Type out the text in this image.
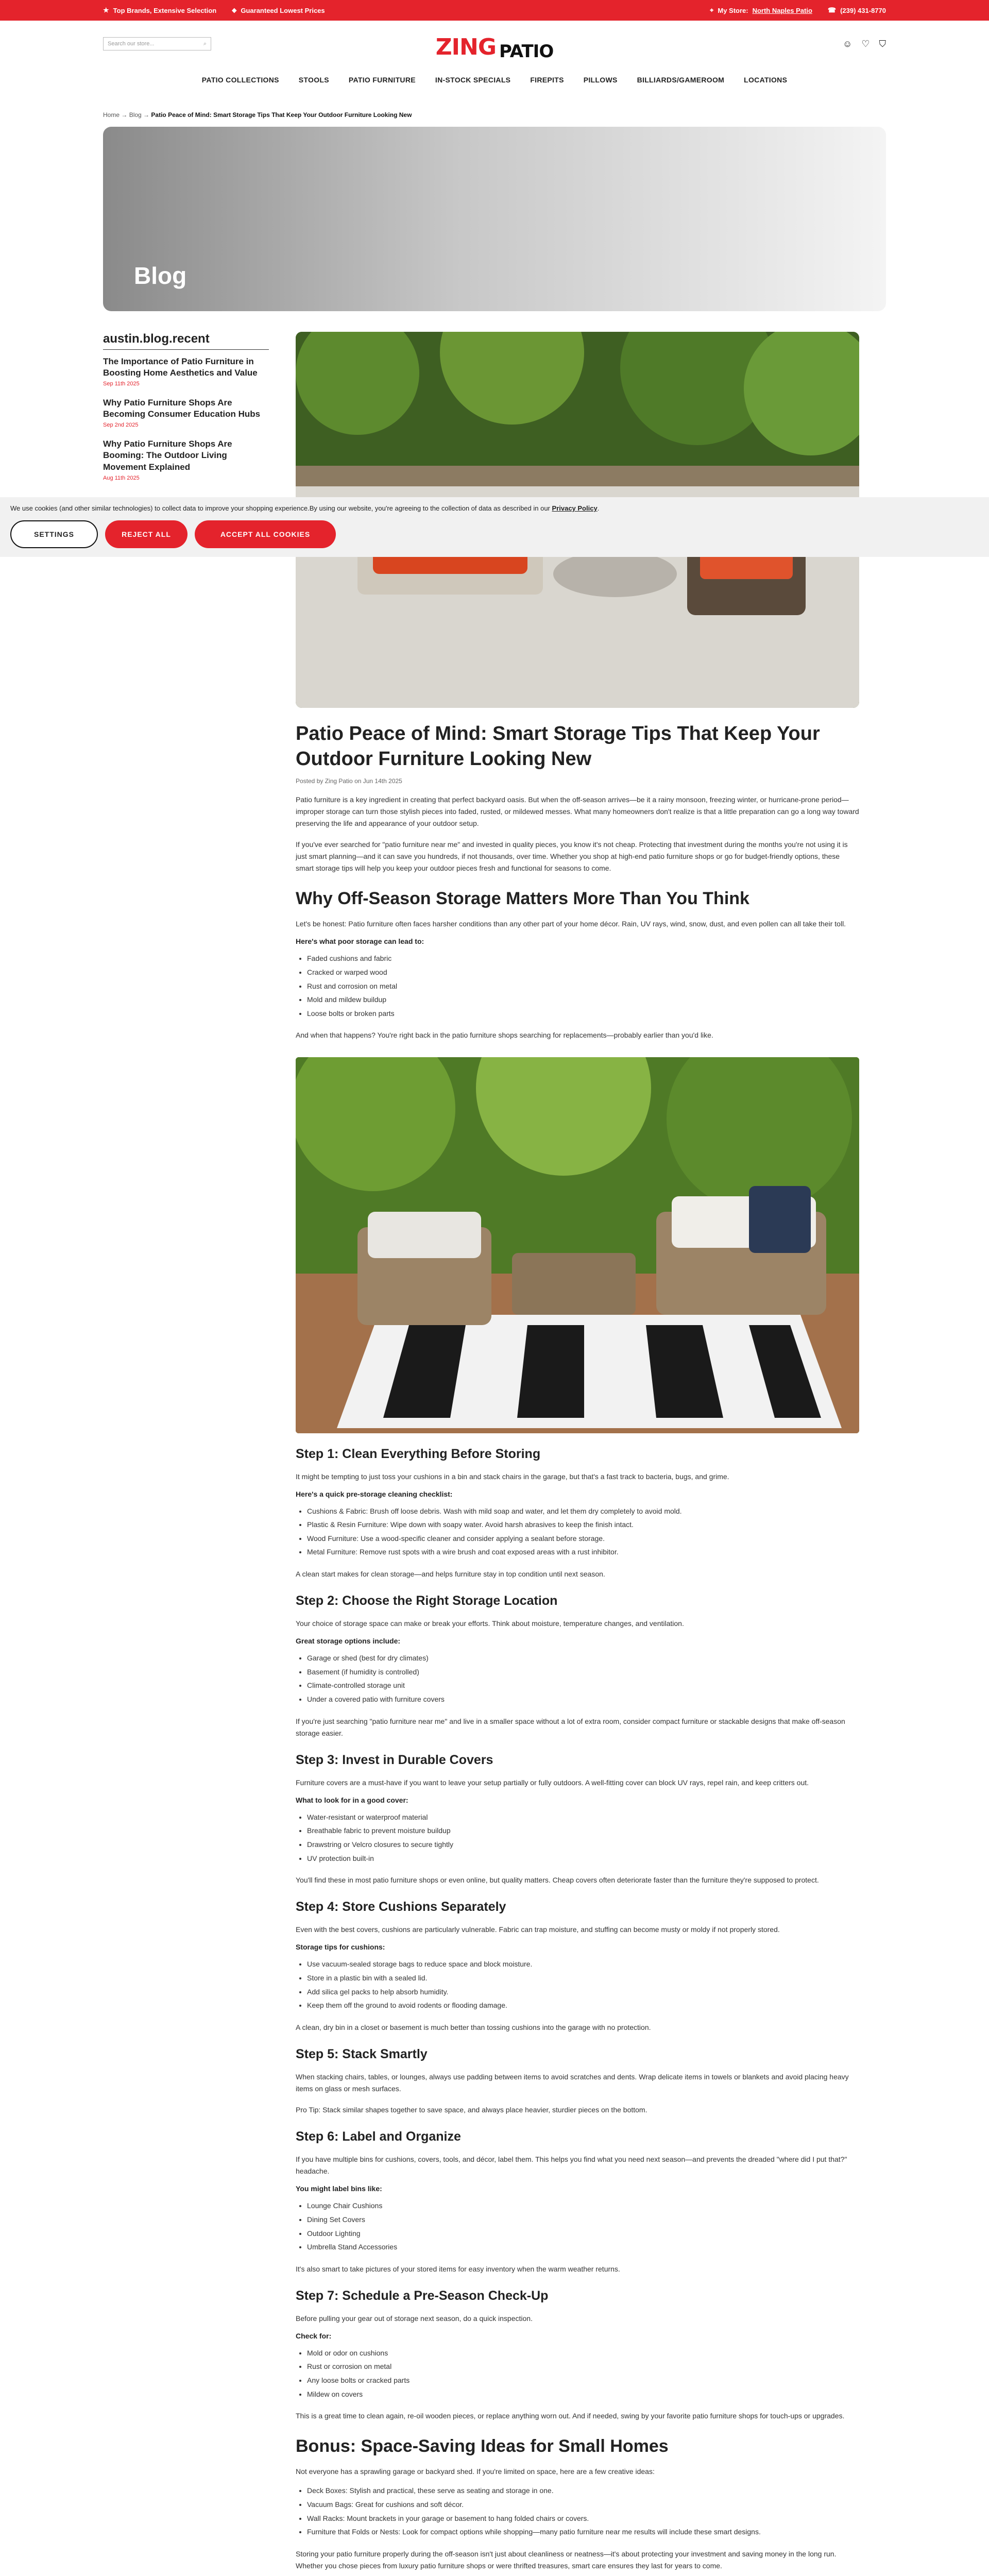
★ Top Brands, Extensive Selection ⬥ Guaranteed Lowest Prices	⌖ My Store: North Naples Patio ☎ (239) 431-8770
Search our store...	⌕	ZING PATIO	☺ ♡ ⛉
PATIO COLLECTIONS	STOOLS	PATIO FURNITURE	IN-STOCK SPECIALS	FIREPITS	PILLOWS	BILLIARDS/GAMEROOM	LOCATIONS
Home → Blog → Patio Peace of Mind: Smart Storage Tips That Keep Your Outdoor Furniture Looking New
Blog
austin.blog.recent
The Importance of Patio Furniture in Boosting Home Aesthetics and Value
Sep 11th 2025
Why Patio Furniture Shops Are Becoming Consumer Education Hubs
Sep 2nd 2025
Why Patio Furniture Shops Are Booming: The Outdoor Living Movement Explained
Aug 11th 2025
Patio Peace of Mind: Smart Storage Tips That Keep Your Outdoor Furniture Looking New
Posted by Zing Patio on Jun 14th 2025
Patio furniture is a key ingredient in creating that perfect backyard oasis. But when the off-season arrives—be it a rainy monsoon, freezing winter, or hurricane-prone period—improper storage can turn those stylish pieces into faded, rusted, or mildewed messes. What many homeowners don't realize is that a little preparation can go a long way toward preserving the life and appearance of your outdoor setup.
If you've ever searched for "patio furniture near me" and invested in quality pieces, you know it's not cheap. Protecting that investment during the months you're not using it is just smart planning—and it can save you hundreds, if not thousands, over time. Whether you shop at high-end patio furniture shops or go for budget-friendly options, these smart storage tips will help you keep your outdoor pieces fresh and functional for seasons to come.
Why Off-Season Storage Matters More Than You Think
Let's be honest: Patio furniture often faces harsher conditions than any other part of your home décor. Rain, UV rays, wind, snow, dust, and even pollen can all take their toll.
Here's what poor storage can lead to:
• Faded cushions and fabric
• Cracked or warped wood
• Rust and corrosion on metal
• Mold and mildew buildup
• Loose bolts or broken parts
And when that happens? You're right back in the patio furniture shops searching for replacements—probably earlier than you'd like.
Step 1: Clean Everything Before Storing
It might be tempting to just toss your cushions in a bin and stack chairs in the garage, but that's a fast track to bacteria, bugs, and grime.
Here's a quick pre-storage cleaning checklist:
• Cushions & Fabric: Brush off loose debris. Wash with mild soap and water, and let them dry completely to avoid mold.
• Plastic & Resin Furniture: Wipe down with soapy water. Avoid harsh abrasives to keep the finish intact.
• Wood Furniture: Use a wood-specific cleaner and consider applying a sealant before storage.
• Metal Furniture: Remove rust spots with a wire brush and coat exposed areas with a rust inhibitor.
A clean start makes for clean storage—and helps furniture stay in top condition until next season.
Step 2: Choose the Right Storage Location
Your choice of storage space can make or break your efforts. Think about moisture, temperature changes, and ventilation.
Great storage options include:
• Garage or shed (best for dry climates)
• Basement (if humidity is controlled)
• Climate-controlled storage unit
• Under a covered patio with furniture covers
If you're just searching "patio furniture near me" and live in a smaller space without a lot of extra room, consider compact furniture or stackable designs that make off-season storage easier.
Step 3: Invest in Durable Covers
Furniture covers are a must-have if you want to leave your setup partially or fully outdoors. A well-fitting cover can block UV rays, repel rain, and keep critters out.
What to look for in a good cover:
• Water-resistant or waterproof material
• Breathable fabric to prevent moisture buildup
• Drawstring or Velcro closures to secure tightly
• UV protection built-in
You'll find these in most patio furniture shops or even online, but quality matters. Cheap covers often deteriorate faster than the furniture they're supposed to protect.
Step 4: Store Cushions Separately
Even with the best covers, cushions are particularly vulnerable. Fabric can trap moisture, and stuffing can become musty or moldy if not properly stored.
Storage tips for cushions:
• Use vacuum-sealed storage bags to reduce space and block moisture.
• Store in a plastic bin with a sealed lid.
• Add silica gel packs to help absorb humidity.
• Keep them off the ground to avoid rodents or flooding damage.
A clean, dry bin in a closet or basement is much better than tossing cushions into the garage with no protection.
Step 5: Stack Smartly
When stacking chairs, tables, or lounges, always use padding between items to avoid scratches and dents. Wrap delicate items in towels or blankets and avoid placing heavy items on glass or mesh surfaces.
Pro Tip: Stack similar shapes together to save space, and always place heavier, sturdier pieces on the bottom.
Step 6: Label and Organize
If you have multiple bins for cushions, covers, tools, and décor, label them. This helps you find what you need next season—and prevents the dreaded "where did I put that?" headache.
You might label bins like:
• Lounge Chair Cushions
• Dining Set Covers
• Outdoor Lighting
• Umbrella Stand Accessories
It's also smart to take pictures of your stored items for easy inventory when the warm weather returns.
Step 7: Schedule a Pre-Season Check-Up
Before pulling your gear out of storage next season, do a quick inspection.
Check for:
• Mold or odor on cushions
• Rust or corrosion on metal
• Any loose bolts or cracked parts
• Mildew on covers
This is a great time to clean again, re-oil wooden pieces, or replace anything worn out. And if needed, swing by your favorite patio furniture shops for touch-ups or upgrades.
Bonus: Space-Saving Ideas for Small Homes
Not everyone has a sprawling garage or backyard shed. If you're limited on space, here are a few creative ideas:
• Deck Boxes: Stylish and practical, these serve as seating and storage in one.
• Vacuum Bags: Great for cushions and soft décor.
• Wall Racks: Mount brackets in your garage or basement to hang folded chairs or covers.
• Furniture that Folds or Nests: Look for compact options while shopping—many patio furniture near me results will include these smart designs.
Storing your patio furniture properly during the off-season isn't just about cleanliness or neatness—it's about protecting your investment and saving money in the long run. Whether you chose pieces from luxury patio furniture shops or were thrifted treasures, smart care ensures they last for years to come.
We use cookies (and other similar technologies) to collect data to improve your shopping experience.By using our website, you're agreeing to the collection of data as described in our Privacy Policy.
SETTINGS	REJECT ALL	ACCEPT ALL COOKIES
